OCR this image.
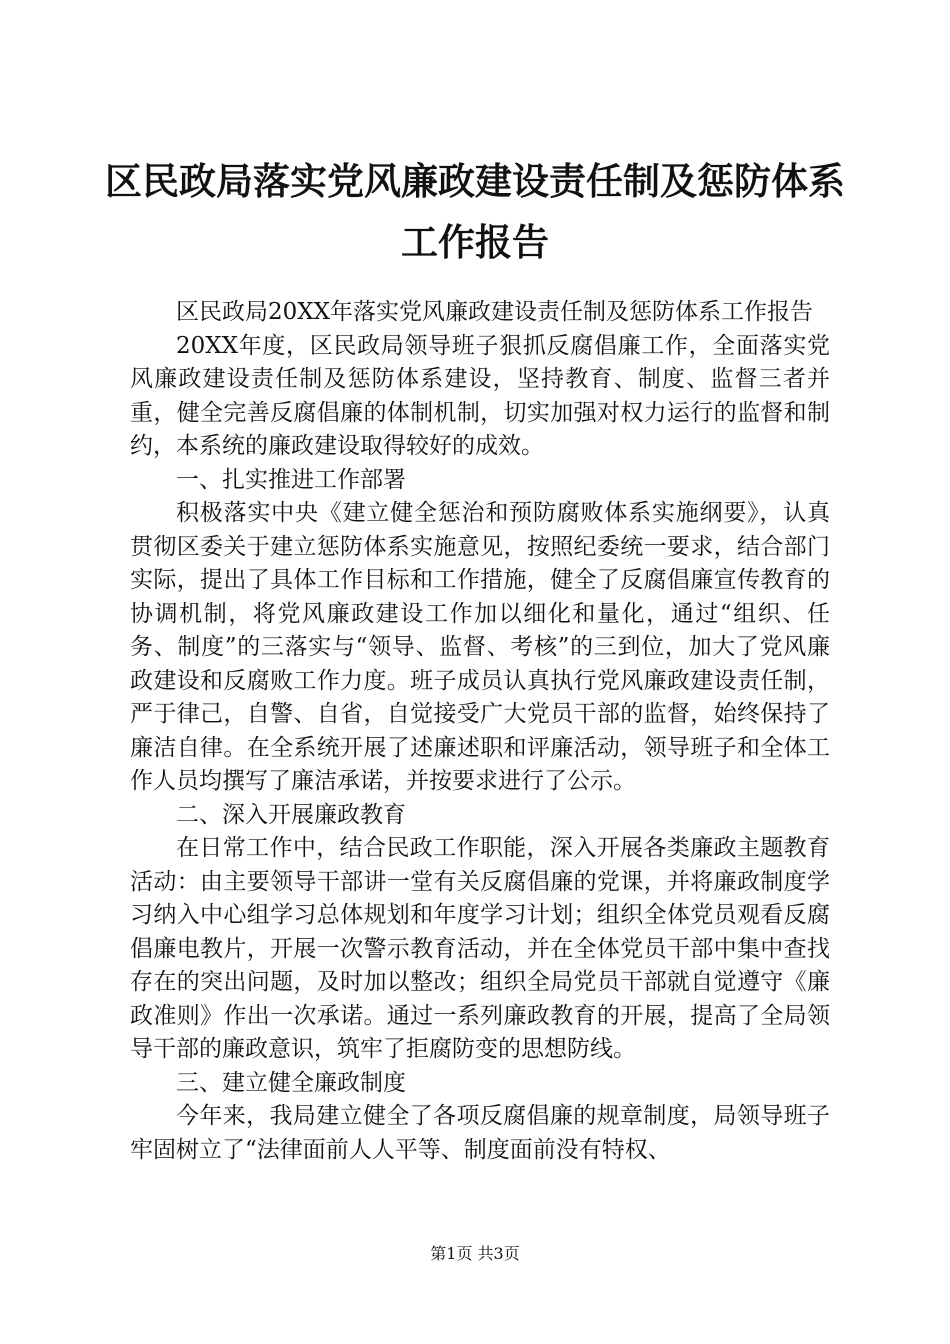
区民政局落实党风廉政建设责任制及惩防体系
工作报告

区民政局20XX年落实党风廉政建设责任制及惩防体系工作报告

20XX年度，区民政局领导班子狠抓反腐倡廉工作，全面落实党风廉政建设责任制及惩防体系建设，坚持教育、制度、监督三者并重，健全完善反腐倡廉的体制机制，切实加强对权力运行的监督和制约，本系统的廉政建设取得较好的成效。

一、扎实推进工作部署

积极落实中央《建立健全惩治和预防腐败体系实施纲要》，认真贯彻区委关于建立惩防体系实施意见，按照纪委统一要求，结合部门实际，提出了具体工作目标和工作措施，健全了反腐倡廉宣传教育的协调机制，将党风廉政建设工作加以细化和量化，通过“组织、任务、制度”的三落实与“领导、监督、考核”的三到位，加大了党风廉政建设和反腐败工作力度。班子成员认真执行党风廉政建设责任制，严于律己，自警、自省，自觉接受广大党员干部的监督，始终保持了廉洁自律。在全系统开展了述廉述职和评廉活动，领导班子和全体工作人员均撰写了廉洁承诺，并按要求进行了公示。

二、深入开展廉政教育

在日常工作中，结合民政工作职能，深入开展各类廉政主题教育活动：由主要领导干部讲一堂有关反腐倡廉的党课，并将廉政制度学习纳入中心组学习总体规划和年度学习计划；组织全体党员观看反腐倡廉电教片，开展一次警示教育活动，并在全体党员干部中集中查找存在的突出问题，及时加以整改；组织全局党员干部就自觉遵守《廉政准则》作出一次承诺。通过一系列廉政教育的开展，提高了全局领导干部的廉政意识，筑牢了拒腐防变的思想防线。

三、建立健全廉政制度

今年来，我局建立健全了各项反腐倡廉的规章制度，局领导班子牢固树立了“法律面前人人平等、制度面前没有特权、

第1页 共3页
